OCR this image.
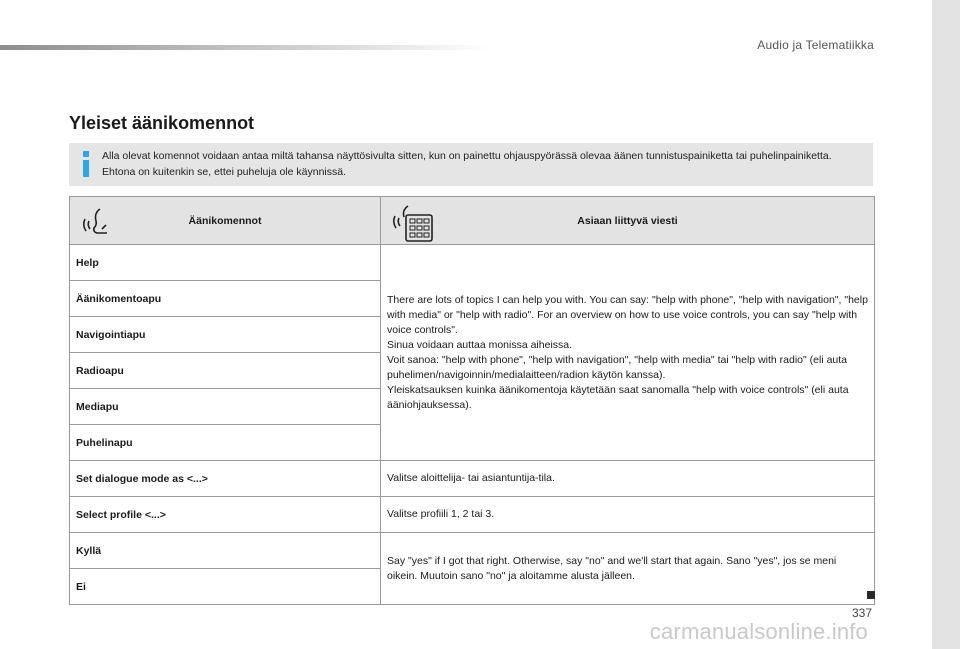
Audio ja Telematiikka
Yleiset äänikomennot
Alla olevat komennot voidaan antaa miltä tahansa näyttösivulta sitten, kun on painettu ohjauspyörässä olevaa äänen tunnistuspainiketta tai puhelinpainiketta. Ehtona on kuitenkin se, ettei puheluja ole käynnissä.
Äänikomennot	Asiaan liittyvä viesti
Help	There are lots of topics I can help you with. You can say: "help with phone", "help with navigation", "help with media" or "help with radio". For an overview on how to use voice controls, you can say "help with voice controls".
Sinua voidaan auttaa monissa aiheissa.
Voit sanoa: "help with phone", "help with navigation", "help with media" tai "help with radio" (eli auta puhelimen/navigoinnin/medialaitteen/radion käytön kanssa).
Yleiskatsauksen kuinka äänikomentoja käytetään saat sanomalla "help with voice controls" (eli auta ääniohjauksessa).

Äänikomentoapu	
Navigointiapu	
Radioapu	
Mediapu	
Puhelinapu	
Set dialogue mode as <...>	Valitse aloittelija- tai asiantuntija-tila.
Select profile <...>	Valitse profiili 1, 2 tai 3.
Kyllä	Say "yes" if I got that right. Otherwise, say "no" and we'll start that again. Sano "yes", jos se meni oikein. Muutoin sano "no" ja aloitamme alusta jälleen.
Ei	
337
carmanualsonline.info
